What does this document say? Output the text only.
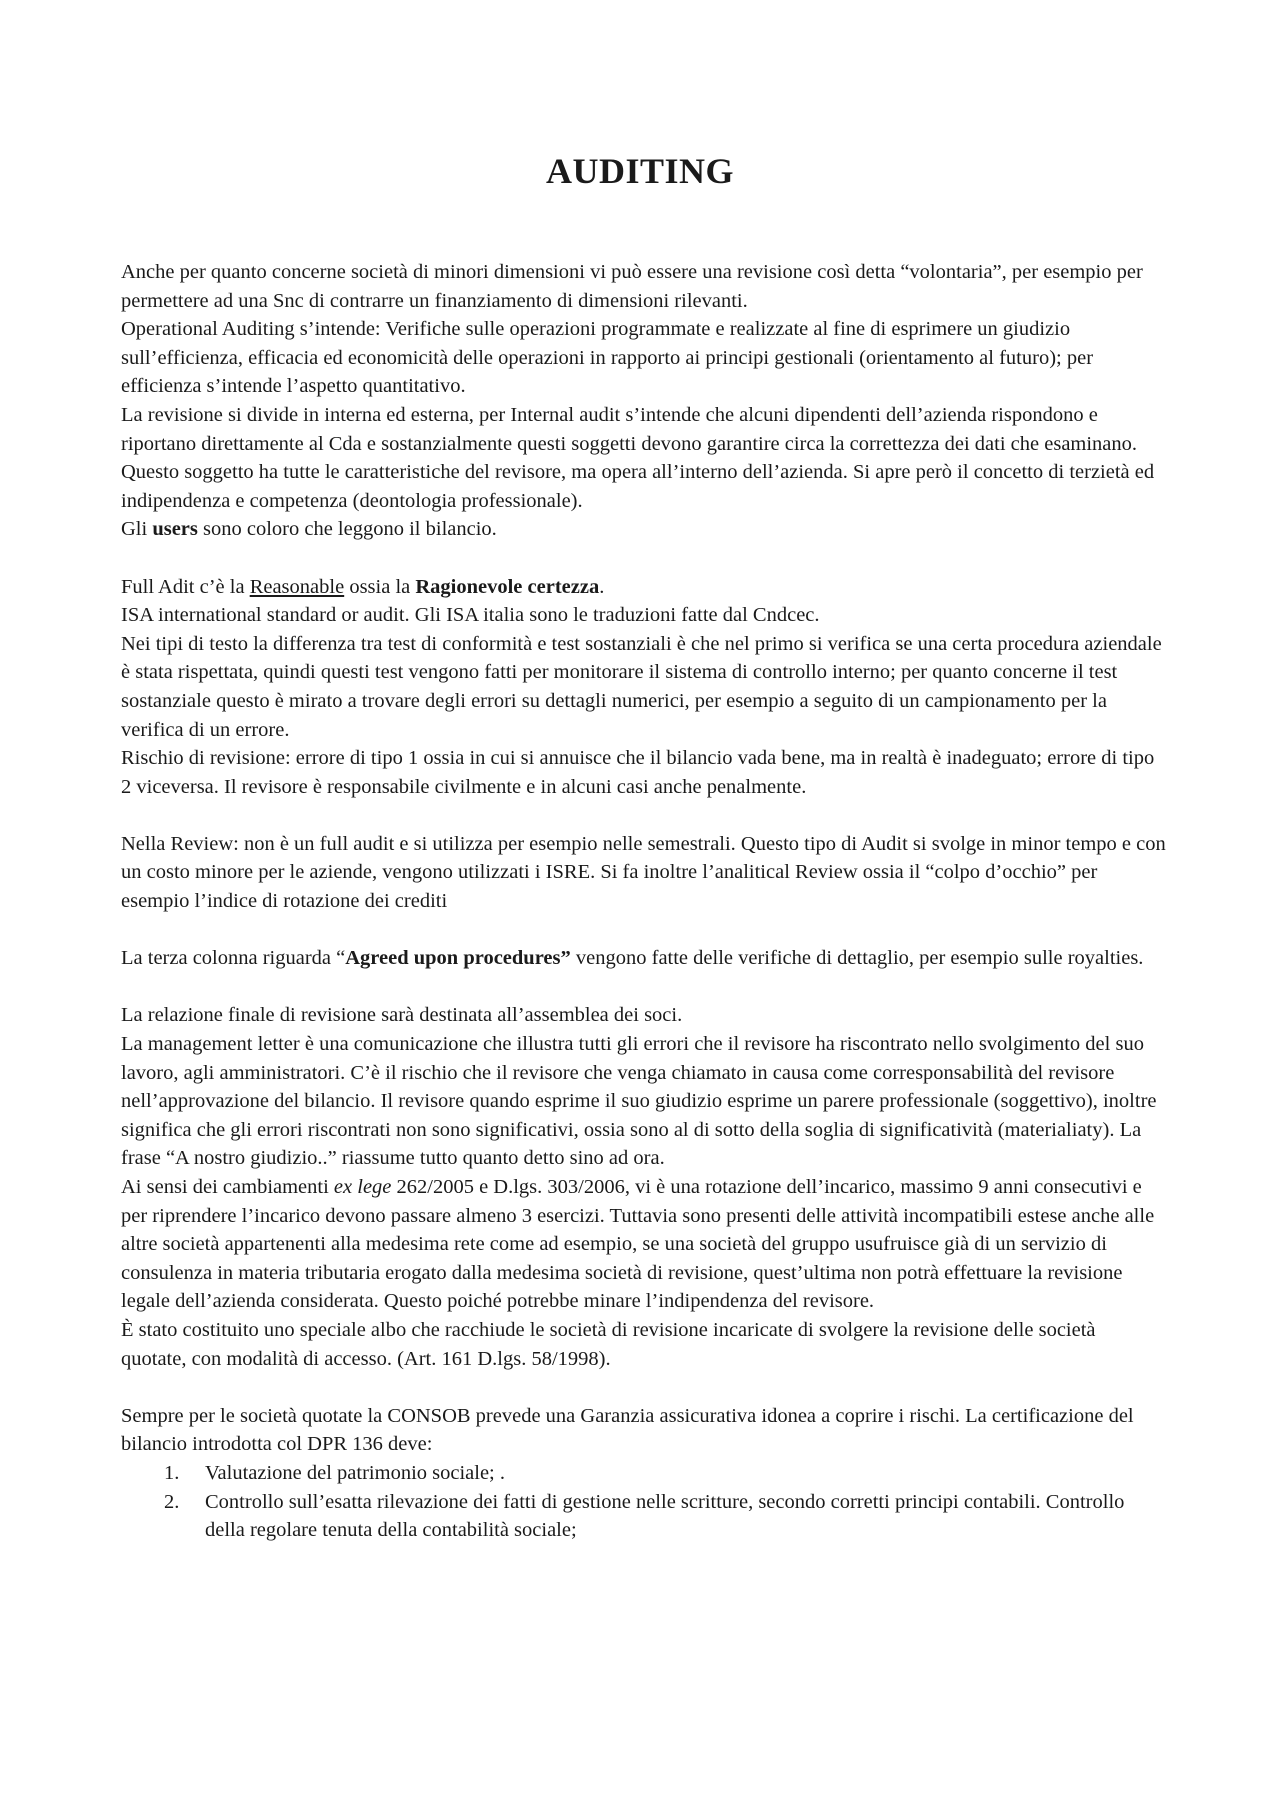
AUDITING

Anche per quanto concerne società di minori dimensioni vi può essere una revisione così detta “volontaria”, per esempio per permettere ad una Snc di contrarre un finanziamento di dimensioni rilevanti.

Operational Auditing s’intende: Verifiche sulle operazioni programmate e realizzate al fine di esprimere un giudizio sull’efficienza, efficacia ed economicità delle operazioni in rapporto ai principi gestionali (orientamento al futuro); per efficienza s’intende l’aspetto quantitativo.

La revisione si divide in interna ed esterna, per Internal audit s’intende che alcuni dipendenti dell’azienda rispondono e riportano direttamente al Cda e sostanzialmente questi soggetti devono garantire circa la correttezza dei dati che esaminano. Questo soggetto ha tutte le caratteristiche del revisore, ma opera all’interno dell’azienda. Si apre però il concetto di terzietà ed indipendenza e competenza (deontologia professionale).

Gli users sono coloro che leggono il bilancio.

Full Adit c’è la Reasonable ossia la Ragionevole certezza.

ISA international standard or audit. Gli ISA italia sono le traduzioni fatte dal Cndcec.

Nei tipi di testo la differenza tra test di conformità e test sostanziali è che nel primo si verifica se una certa procedura aziendale è stata rispettata, quindi questi test vengono fatti per monitorare il sistema di controllo interno; per quanto concerne il test sostanziale questo è mirato a trovare degli errori su dettagli numerici, per esempio a seguito di un campionamento per la verifica di un errore.

Rischio di revisione: errore di tipo 1 ossia in cui si annuisce che il bilancio vada bene, ma in realtà è inadeguato; errore di tipo 2 viceversa. Il revisore è responsabile civilmente e in alcuni casi anche penalmente.

Nella Review: non è un full audit e si utilizza per esempio nelle semestrali. Questo tipo di Audit si svolge in minor tempo e con un costo minore per le aziende, vengono utilizzati i ISRE. Si fa inoltre l’analitical Review ossia il “colpo d’occhio” per esempio l’indice di rotazione dei crediti

La terza colonna riguarda “Agreed upon procedures” vengono fatte delle verifiche di dettaglio, per esempio sulle royalties.

La relazione finale di revisione sarà destinata all’assemblea dei soci.

La management letter è una comunicazione che illustra tutti gli errori che il revisore ha riscontrato nello svolgimento del suo lavoro, agli amministratori. C’è il rischio che il revisore che venga chiamato in causa come corresponsabilità del revisore nell’approvazione del bilancio. Il revisore quando esprime il suo giudizio esprime un parere professionale (soggettivo), inoltre significa che gli errori riscontrati non sono significativi, ossia sono al di sotto della soglia di significatività (materialiaty). La frase “A nostro giudizio..” riassume tutto quanto detto sino ad ora.

Ai sensi dei cambiamenti ex lege 262/2005 e D.lgs. 303/2006, vi è una rotazione dell’incarico, massimo 9 anni consecutivi e per riprendere l’incarico devono passare almeno 3 esercizi. Tuttavia sono presenti delle attività incompatibili estese anche alle altre società appartenenti alla medesima rete come ad esempio, se una società del gruppo usufruisce già di un servizio di consulenza in materia tributaria erogato dalla medesima società di revisione, quest’ultima non potrà effettuare la revisione legale dell’azienda considerata. Questo poiché potrebbe minare l’indipendenza del revisore.

È stato costituito uno speciale albo che racchiude le società di revisione incaricate di svolgere la revisione delle società quotate, con modalità di accesso. (Art. 161 D.lgs. 58/1998).

Sempre per le società quotate la CONSOB prevede una Garanzia assicurativa idonea a coprire i rischi. La certificazione del bilancio introdotta col DPR 136 deve:

1. Valutazione del patrimonio sociale; .
2. Controllo sull’esatta rilevazione dei fatti di gestione nelle scritture, secondo corretti principi contabili. Controllo della regolare tenuta della contabilità sociale;
